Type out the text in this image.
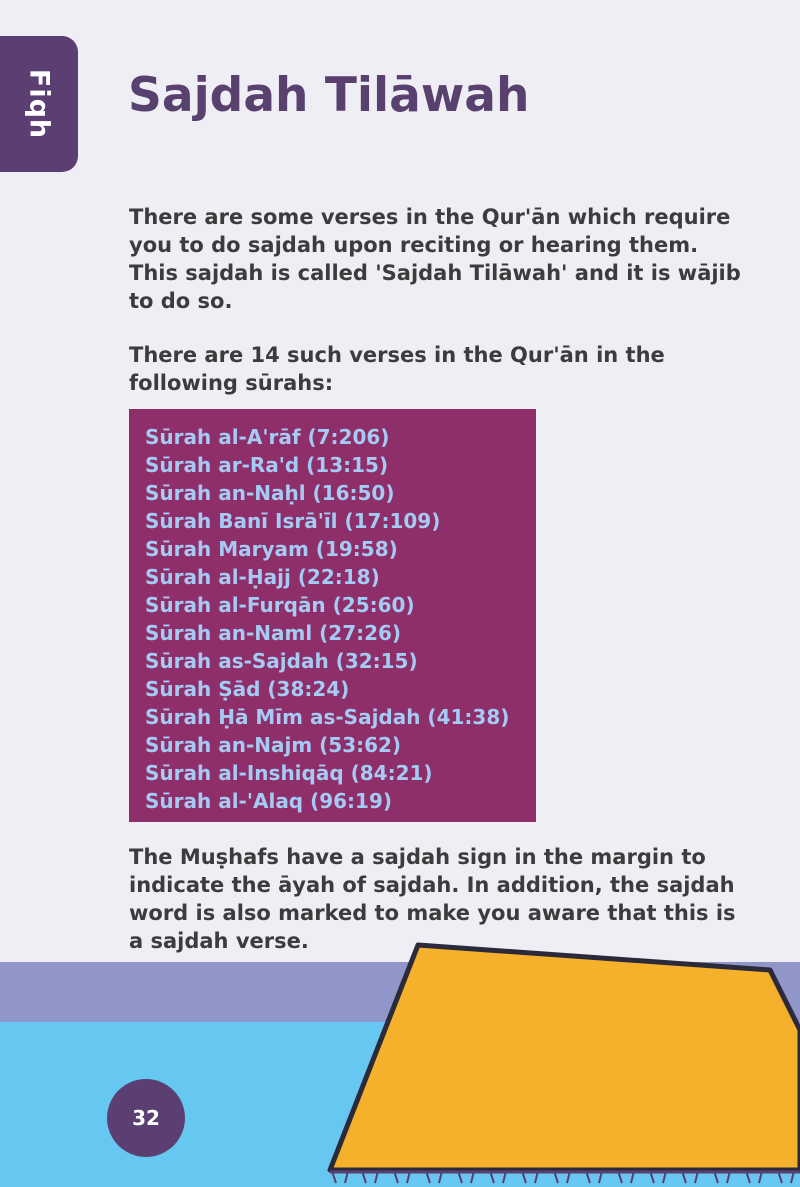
Fiqh Sajdah Tilāwah

There are some verses in the Qur'ān which require you to do sajdah upon reciting or hearing them. This sajdah is called 'Sajdah Tilāwah' and it is wājib to do so.

There are 14 such verses in the Qur'ān in the following sūrahs:

Sūrah al-A'rāf (7:206)
Sūrah ar-Ra'd (13:15)
Sūrah an-Naḥl (16:50)
Sūrah Banī Isrā'īl (17:109)
Sūrah Maryam (19:58)
Sūrah al-Ḥajj (22:18)
Sūrah al-Furqān (25:60)
Sūrah an-Naml (27:26)
Sūrah as-Sajdah (32:15)
Sūrah Ṣād (38:24)
Sūrah Ḥā Mīm as-Sajdah (41:38)
Sūrah an-Najm (53:62)
Sūrah al-Inshiqāq (84:21)
Sūrah al-'Alaq (96:19)

The Muṣhafs have a sajdah sign in the margin to indicate the āyah of sajdah. In addition, the sajdah word is also marked to make you aware that this is a sajdah verse.

32
